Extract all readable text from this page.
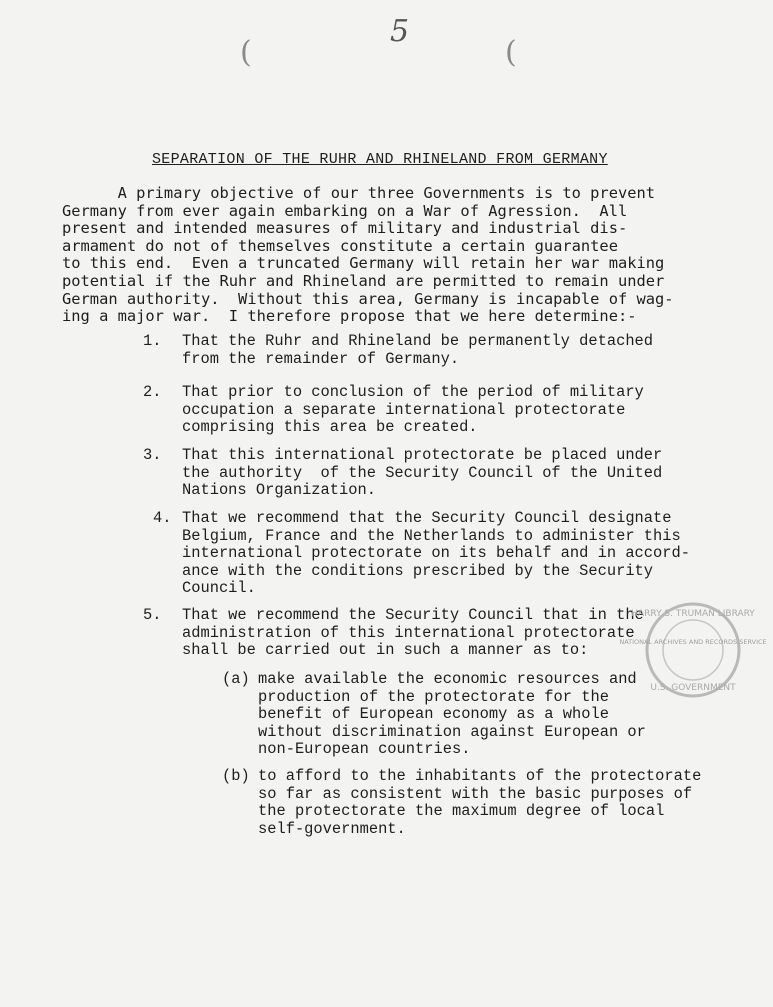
(	(
5
SEPARATION OF THE RUHR AND RHINELAND FROM GERMANY
A primary objective of our three Governments is to prevent
Germany from ever again embarking on a War of Agression.  All
present and intended measures of military and industrial dis-
armament do not of themselves constitute a certain guarantee
to this end.  Even a truncated Germany will retain her war making
potential if the Ruhr and Rhineland are permitted to remain under
German authority.  Without this area, Germany is incapable of wag-
ing a major war.  I therefore propose that we here determine:-
1. That the Ruhr and Rhineland be permanently detached
from the remainder of Germany.
2. That prior to conclusion of the period of military
occupation a separate international protectorate
comprising this area be created.
3. That this international protectorate be placed under
the authority  of the Security Council of the United
Nations Organization.
4. That we recommend that the Security Council designate
Belgium, France and the Netherlands to administer this
international protectorate on its behalf and in accord-
ance with the conditions prescribed by the Security
Council.
5. That we recommend the Security Council that in the
administration of this international protectorate
shall be carried out in such a manner as to:
(a) make available the economic resources and
production of the protectorate for the
benefit of European economy as a whole
without discrimination against European or
non-European countries.
(b) to afford to the inhabitants of the protectorate
so far as consistent with the basic purposes of
the protectorate the maximum degree of local
self-government.
HARRY S. TRUMAN LIBRARY
NATIONAL ARCHIVES AND RECORDS SERVICE
U.S. GOVERNMENT
